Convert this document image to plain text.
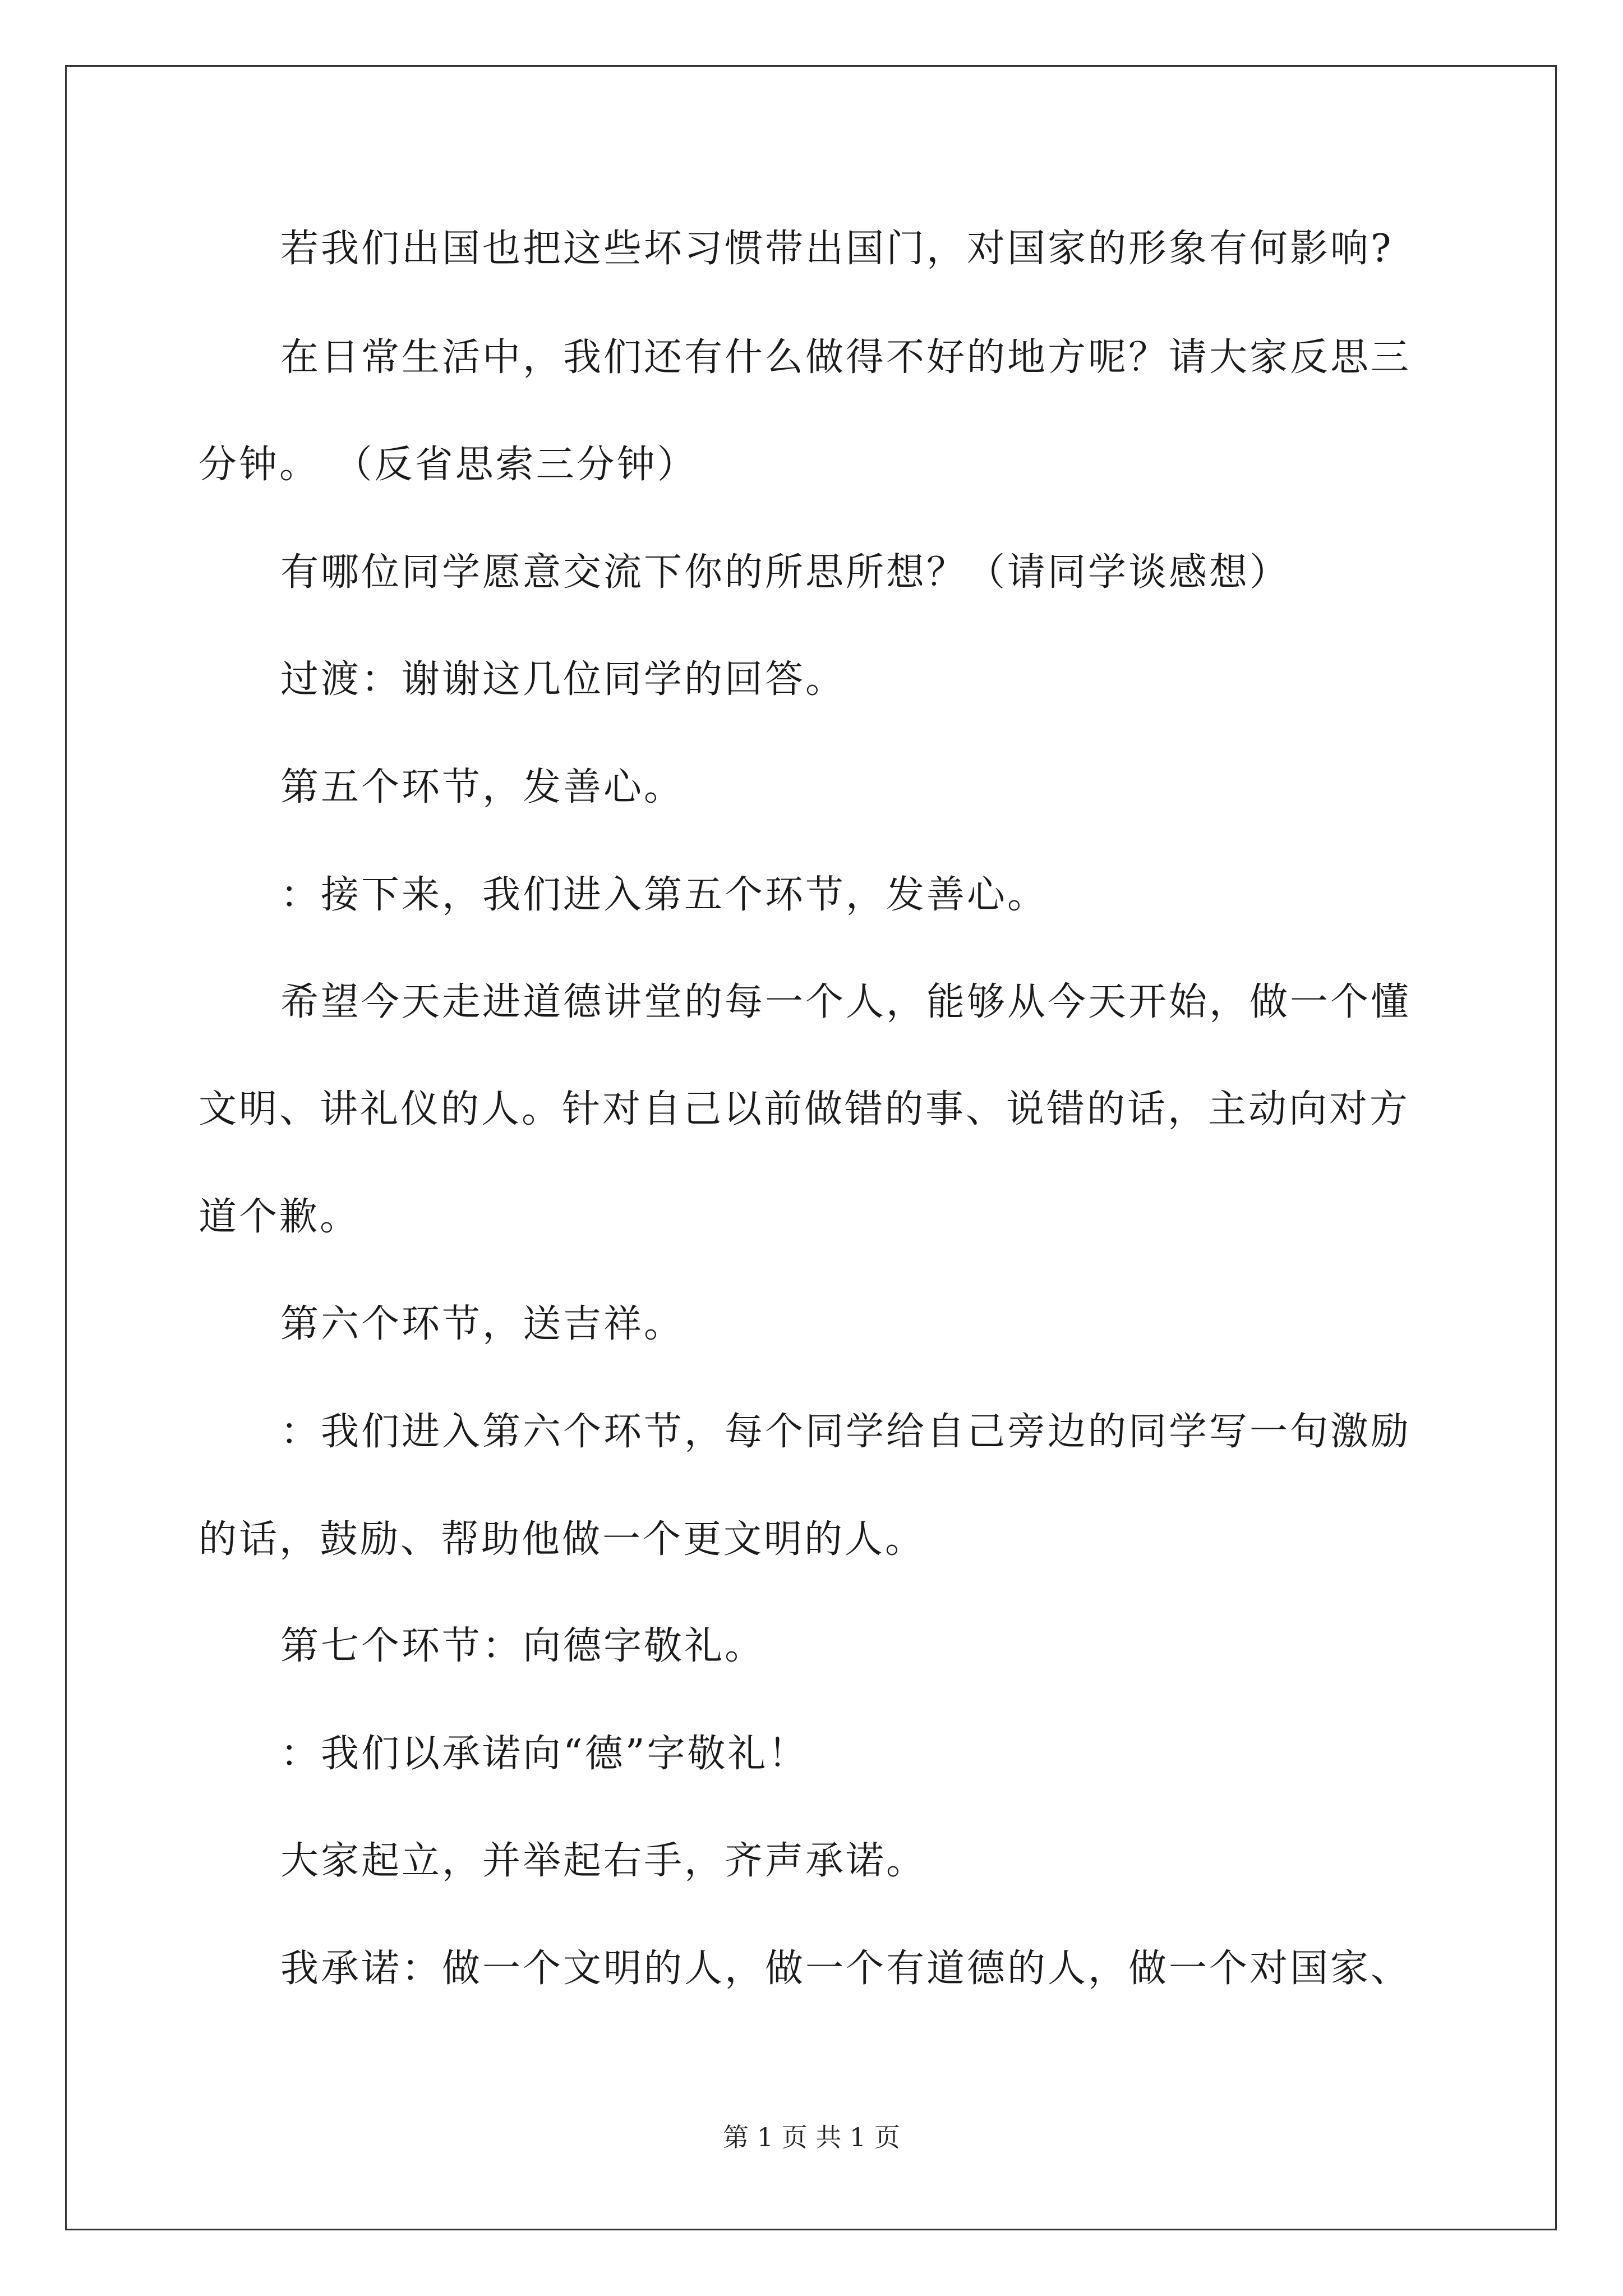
若我们出国也把这些坏习惯带出国门，对国家的形象有何影响?
在日常生活中，我们还有什么做得不好的地方呢？请大家反思三
分钟。 （反省思索三分钟）
有哪位同学愿意交流下你的所思所想？（请同学谈感想）
过渡：谢谢这几位同学的回答。
第五个环节，发善心。
：接下来，我们进入第五个环节，发善心。
希望今天走进道德讲堂的每一个人，能够从今天开始，做一个懂
文明、讲礼仪的人。针对自己以前做错的事、说错的话，主动向对方
道个歉。
第六个环节，送吉祥。
：我们进入第六个环节，每个同学给自己旁边的同学写一句激励
的话，鼓励、帮助他做一个更文明的人。
第七个环节：向德字敬礼。
：我们以承诺向“德”字敬礼！
大家起立，并举起右手，齐声承诺。
我承诺：做一个文明的人，做一个有道德的人，做一个对国家、
第 1 页 共 1 页
